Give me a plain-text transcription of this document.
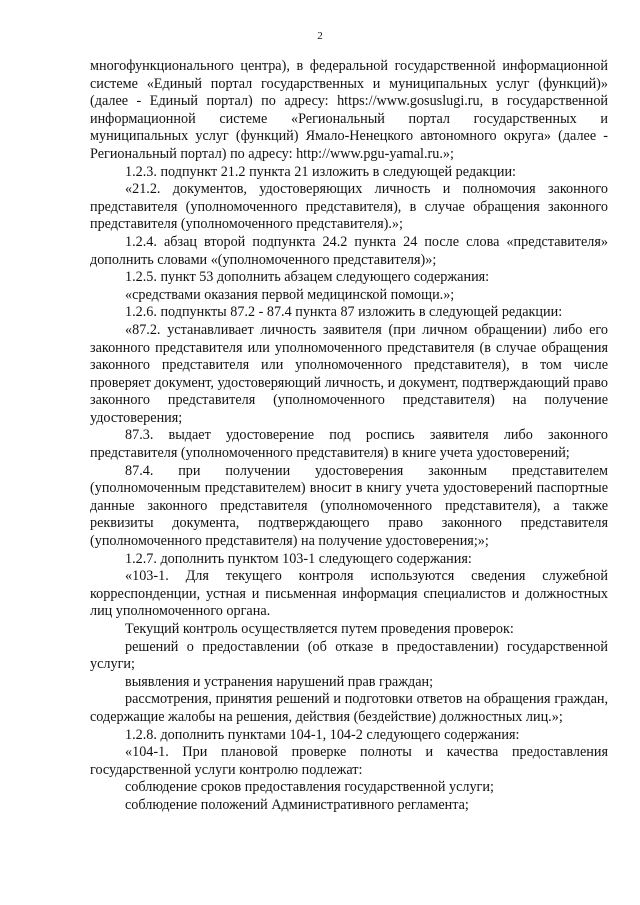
2

многофункционального центра), в федеральной государственной информационной системе «Единый портал государственных и муниципальных услуг (функций)» (далее - Единый портал) по адресу: https://www.gosuslugi.ru, в государственной информационной системе «Региональный портал государственных и муниципальных услуг (функций) Ямало-Ненецкого автономного округа» (далее - Региональный портал) по адресу: http://www.pgu-yamal.ru.»;

1.2.3. подпункт 21.2 пункта 21 изложить в следующей редакции:

«21.2. документов, удостоверяющих личность и полномочия законного представителя (уполномоченного представителя), в случае обращения законного представителя (уполномоченного представителя).»;

1.2.4. абзац второй подпункта 24.2 пункта 24 после слова «представителя» дополнить словами «(уполномоченного представителя)»;

1.2.5. пункт 53 дополнить абзацем следующего содержания:

«средствами оказания первой медицинской помощи.»;

1.2.6. подпункты 87.2 - 87.4 пункта 87 изложить в следующей редакции:

«87.2. устанавливает личность заявителя (при личном обращении) либо его законного представителя или уполномоченного представителя (в случае обращения законного представителя или уполномоченного представителя), в том числе проверяет документ, удостоверяющий личность, и документ, подтверждающий право законного представителя (уполномоченного представителя) на получение удостоверения;

87.3. выдает удостоверение под роспись заявителя либо законного представителя (уполномоченного представителя) в книге учета удостоверений;

87.4. при получении удостоверения законным представителем (уполномоченным представителем) вносит в книгу учета удостоверений паспортные данные законного представителя (уполномоченного представителя), а также реквизиты документа, подтверждающего право законного представителя (уполномоченного представителя) на получение удостоверения;»;

1.2.7. дополнить пунктом 103-1 следующего содержания:

«103-1. Для текущего контроля используются сведения служебной корреспонденции, устная и письменная информация специалистов и должностных лиц уполномоченного органа.

Текущий контроль осуществляется путем проведения проверок:

решений о предоставлении (об отказе в предоставлении) государственной услуги;

выявления и устранения нарушений прав граждан;

рассмотрения, принятия решений и подготовки ответов на обращения граждан, содержащие жалобы на решения, действия (бездействие) должностных лиц.»;

1.2.8. дополнить пунктами 104-1, 104-2 следующего содержания:

«104-1. При плановой проверке полноты и качества предоставления государственной услуги контролю подлежат:

соблюдение сроков предоставления государственной услуги;

соблюдение положений Административного регламента;
